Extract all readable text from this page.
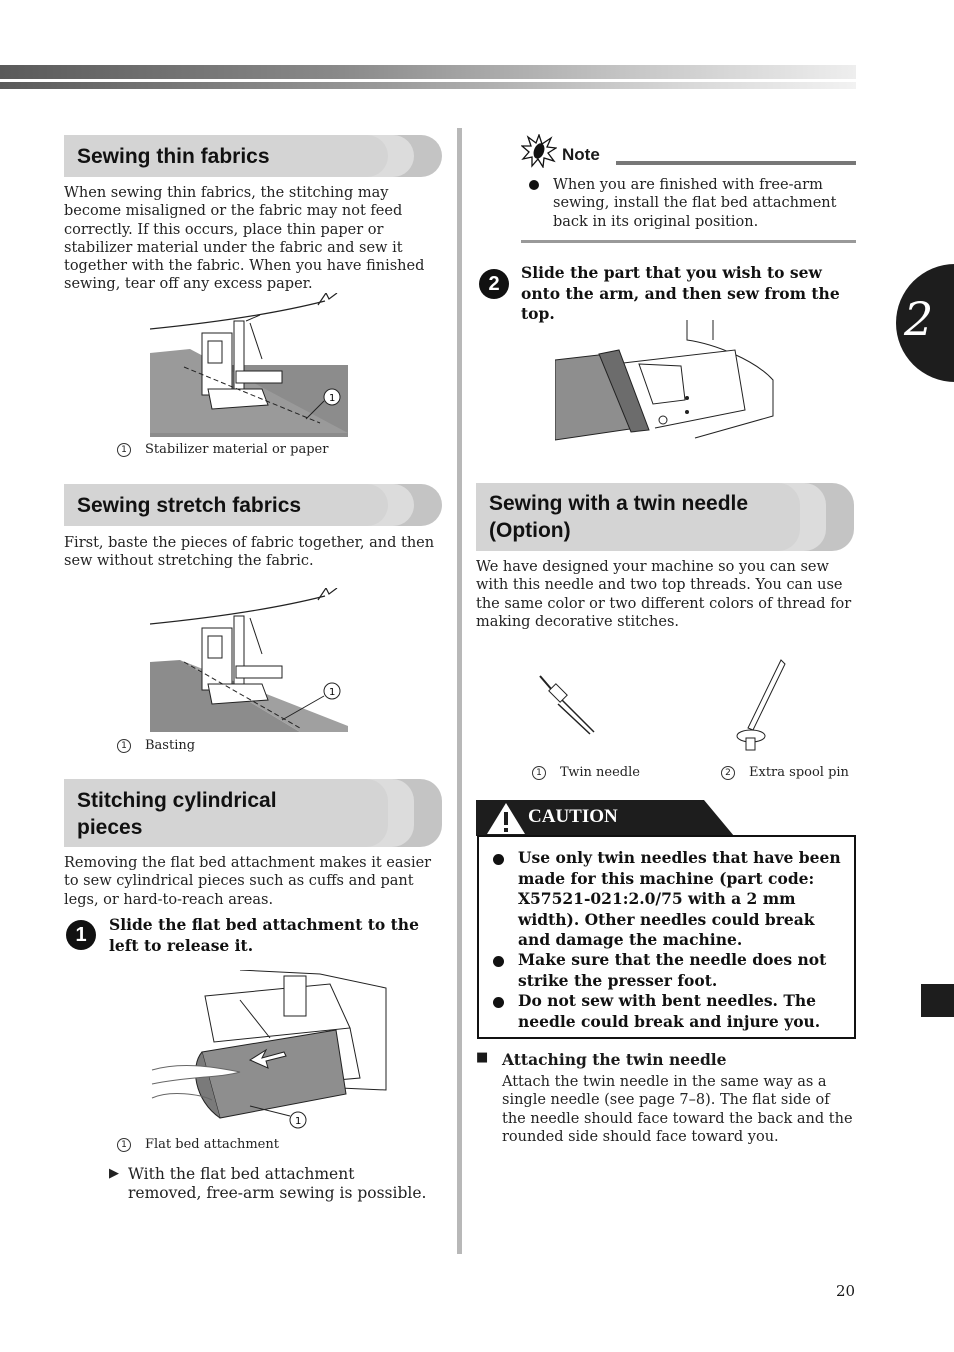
2
Sewing thin fabrics
When sewing thin fabrics, the stitching may become misaligned or the fabric may not feed correctly. If this occurs, place thin paper or stabilizer material under the fabric and sew it together with the fabric. When you have finished sewing, tear off any excess paper.
1
1 Stabilizer material or paper
Sewing stretch fabrics
First, baste the pieces of fabric together, and then sew without stretching the fabric.
1
1 Basting
Stitching cylindrical
pieces
Removing the flat bed attachment makes it easier to sew cylindrical pieces such as cuffs and pant legs, or hard-to-reach areas.
1	Slide the flat bed attachment to the left to release it.
1
1 Flat bed attachment
▶ With the flat bed attachment removed, free-arm sewing is possible.
Note
When you are finished with free-arm sewing, install the flat bed attachment back in its original position.
2
Slide the part that you wish to sew onto the arm, and then sew from the top.
Sewing with a twin needle
(Option)
We have designed your machine so you can sew with this needle and two top threads. You can use the same color or two different colors of thread for making decorative stitches.
1 Twin needle	2 Extra spool pin
CAUTION
Use only twin needles that have been made for this machine (part code: X57521-021:2.0/75 with a 2 mm width). Other needles could break and damage the machine.
Make sure that the needle does not strike the presser foot.
Do not sew with bent needles. The needle could break and injure you.
■ Attaching the twin needle
Attach the twin needle in the same way as a single needle (see page 7–8). The flat side of the needle should face toward the back and the rounded side should face toward you.
20
